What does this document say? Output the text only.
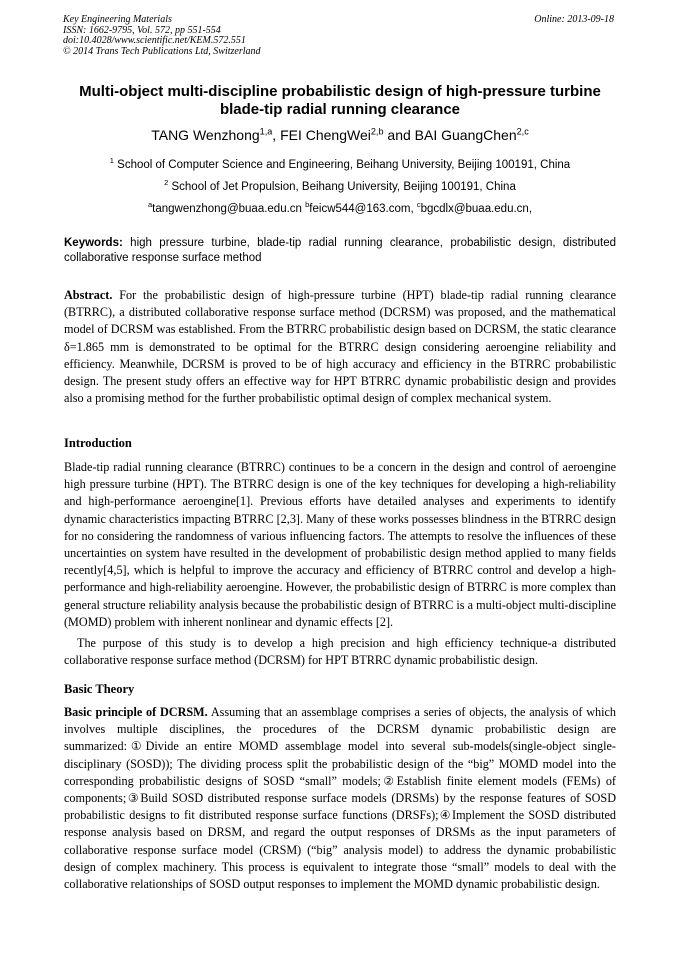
Key Engineering Materials
ISSN: 1662-9795, Vol. 572, pp 551-554
doi:10.4028/www.scientific.net/KEM.572.551
© 2014 Trans Tech Publications Ltd, Switzerland
Online: 2013-09-18
Multi-object multi-discipline probabilistic design of high-pressure turbine blade-tip radial running clearance
TANG Wenzhong$^{1,a}$, FEI ChengWei$^{2,b}$ and BAI GuangChen$^{2,c}$
$^1$ School of Computer Science and Engineering, Beihang University, Beijing 100191, China
$^2$ School of Jet Propulsion, Beihang University, Beijing 100191, China
$^a$tangwenzhong@buaa.edu.cn $^b$feicw544@163.com, $^c$bgcdlx@buaa.edu.cn,
Keywords: high pressure turbine, blade-tip radial running clearance, probabilistic design, distributed collaborative response surface method
Abstract. For the probabilistic design of high-pressure turbine (HPT) blade-tip radial running clearance (BTRRC), a distributed collaborative response surface method (DCRSM) was proposed, and the mathematical model of DCRSM was established. From the BTRRC probabilistic design based on DCRSM, the static clearance δ=1.865 mm is demonstrated to be optimal for the BTRRC design considering aeroengine reliability and efficiency. Meanwhile, DCRSM is proved to be of high accuracy and efficiency in the BTRRC probabilistic design. The present study offers an effective way for HPT BTRRC dynamic probabilistic design and provides also a promising method for the further probabilistic optimal design of complex mechanical system.
Introduction
Blade-tip radial running clearance (BTRRC) continues to be a concern in the design and control of aeroengine high pressure turbine (HPT). The BTRRC design is one of the key techniques for developing a high-reliability and high-performance aeroengine[1]. Previous efforts have detailed analyses and experiments to identify dynamic characteristics impacting BTRRC [2,3]. Many of these works possesses blindness in the BTRRC design for no considering the randomness of various influencing factors. The attempts to resolve the influences of these uncertainties on system have resulted in the development of probabilistic design method applied to many fields recently[4,5], which is helpful to improve the accuracy and efficiency of BTRRC control and develop a high-performance and high-reliability aeroengine. However, the probabilistic design of BTRRC is more complex than general structure reliability analysis because the probabilistic design of BTRRC is a multi-object multi-discipline (MOMD) problem with inherent nonlinear and dynamic effects [2].
The purpose of this study is to develop a high precision and high efficiency technique-a distributed collaborative response surface method (DCRSM) for HPT BTRRC dynamic probabilistic design.
Basic Theory
Basic principle of DCRSM. Assuming that an assemblage comprises a series of objects, the analysis of which involves multiple disciplines, the procedures of the DCRSM dynamic probabilistic design are summarized:①Divide an entire MOMD assemblage model into several sub-models(single-object single-disciplinary (SOSD)); The dividing process split the probabilistic design of the “big” MOMD model into the corresponding probabilistic designs of SOSD “small” models;②Establish finite element models (FEMs) of components;③Build SOSD distributed response surface models (DRSMs) by the response features of SOSD probabilistic designs to fit distributed response surface functions (DRSFs);④Implement the SOSD distributed response analysis based on DRSM, and regard the output responses of DRSMs as the input parameters of collaborative response surface model (CRSM) (“big” analysis model) to address the dynamic probabilistic design of complex machinery. This process is equivalent to integrate those “small” models to deal with the collaborative relationships of SOSD output responses to implement the MOMD dynamic probabilistic design.
